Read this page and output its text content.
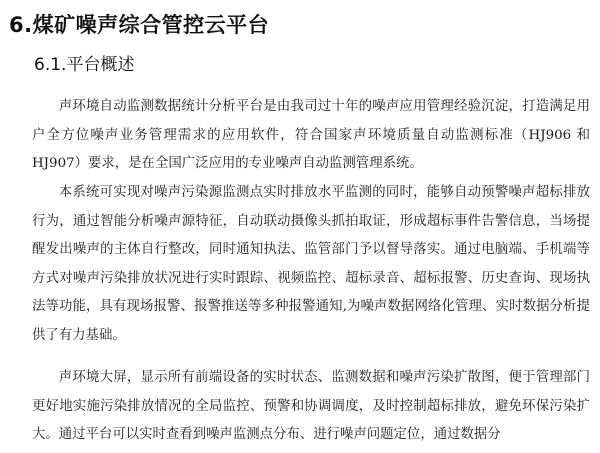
6.煤矿噪声综合管控云平台
6.1.平台概述

声环境自动监测数据统计分析平台是由我司过十年的噪声应用管理经验沉淀，打造满足用户全方位噪声业务管理需求的应用软件，符合国家声环境质量自动监测标准（HJ906 和 HJ907）要求，是在全国广泛应用的专业噪声自动监测管理系统。

本系统可实现对噪声污染源监测点实时排放水平监测的同时，能够自动预警噪声超标排放行为，通过智能分析噪声源特征，自动联动摄像头抓拍取证，形成超标事件告警信息，当场提醒发出噪声的主体自行整改，同时通知执法、监管部门予以督导落实。通过电脑端、手机端等方式对噪声污染排放状况进行实时跟踪、视频监控、超标录音、超标报警、历史查询、现场执法等功能，具有现场报警、报警推送等多种报警通知,为噪声数据网络化管理、实时数据分析提供了有力基础。

声环境大屏，显示所有前端设备的实时状态、监测数据和噪声污染扩散图，便于管理部门更好地实施污染排放情况的全局监控、预警和协调调度，及时控制超标排放，避免环保污染扩大。通过平台可以实时查看到噪声监测点分布、进行噪声问题定位，通过数据分
